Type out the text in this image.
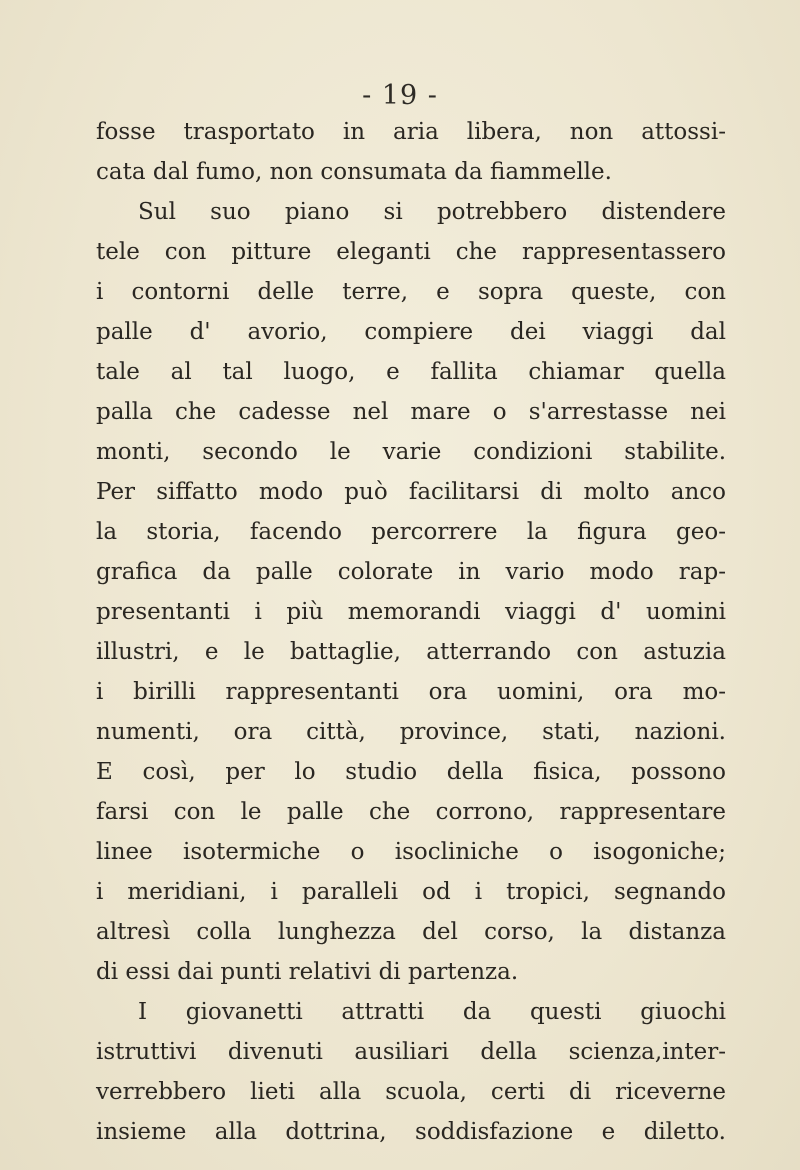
- 19 -
fosse trasportato in aria libera, non attossi-
cata dal fumo, non consumata da fiammelle.
Sul suo piano si potrebbero distendere
tele con pitture eleganti che rappresentassero
i contorni delle terre, e sopra queste, con
palle d' avorio, compiere dei viaggi dal
tale al tal luogo, e fallita chiamar quella
palla che cadesse nel mare o s'arrestasse nei
monti, secondo le varie condizioni stabilite.
Per siffatto modo può facilitarsi di molto anco
la storia, facendo percorrere la figura geo-
grafica da palle colorate in vario modo rap-
presentanti i più memorandi viaggi d' uomini
illustri, e le battaglie, atterrando con astuzia
i birilli rappresentanti ora uomini, ora mo-
numenti, ora città, province, stati, nazioni.
E così, per lo studio della fisica, possono
farsi con le palle che corrono, rappresentare
linee isotermiche o isocliniche o isogoniche;
i meridiani, i paralleli od i tropici, segnando
altresì colla lunghezza del corso, la distanza
di essi dai punti relativi di partenza.
I giovanetti attratti da questi giuochi
istruttivi divenuti ausiliari della scienza,inter-
verrebbero lieti alla scuola, certi di riceverne
insieme alla dottrina, soddisfazione e diletto.
